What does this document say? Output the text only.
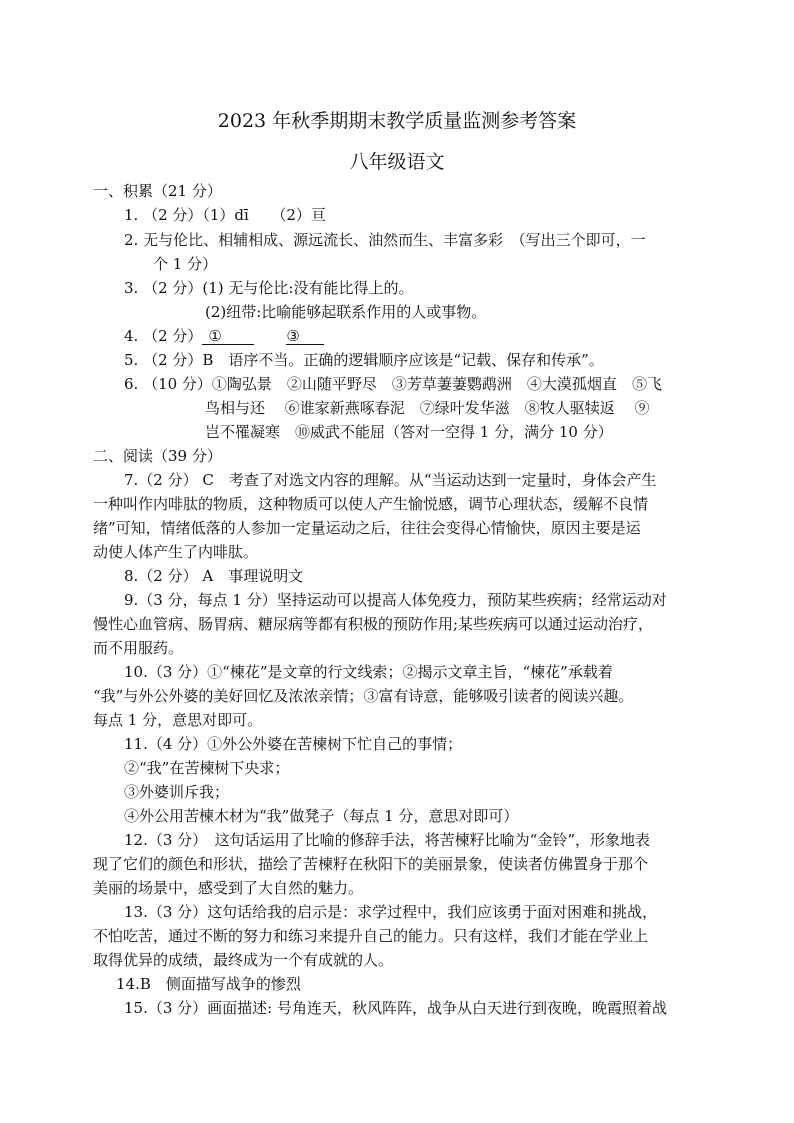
2023 年秋季期期末教学质量监测参考答案
八年级语文
一、积累（21 分）
1. （2 分）（1）dī　　（2）亘
2. 无与伦比、相辅相成、源远流长、油然而生、丰富多彩　（写出三个即可，一
个 1 分）
3. （2 分）(1) 无与伦比:没有能比得上的。
(2)纽带:比喻能够起联系作用的人或事物。
4. （2 分） ①	③
5. （2 分）B　语序不当。正确的逻辑顺序应该是“记载、保存和传承”。
6. （10 分）①陶弘景　②山随平野尽　③芳草萋萋鹦鹉洲　④大漠孤烟直　⑤飞
鸟相与还　 ⑥谁家新燕啄春泥　⑦绿叶发华滋　⑧牧人驱犊返　 ⑨
岂不罹凝寒　⑩威武不能屈（答对一空得 1 分，满分 10 分）
二、阅读（39 分）
7.（2 分） C　考查了对选文内容的理解。从“当运动达到一定量时，身体会产生
一种叫作内啡肽的物质，这种物质可以使人产生愉悦感，调节心理状态，缓解不良情
绪”可知，情绪低落的人参加一定量运动之后，往往会变得心情愉快，原因主要是运
动使人体产生了内啡肽。
8.（2 分） A　事理说明文
9.（3 分，每点 1 分）坚持运动可以提高人体免疫力，预防某些疾病；经常运动对
慢性心血管病、肠胃病、糖尿病等都有积极的预防作用;某些疾病可以通过运动治疗，
而不用服药。
10.（3 分）①“楝花”是文章的行文线索；②揭示文章主旨，“楝花”承载着
“我”与外公外婆的美好回忆及浓浓亲情；③富有诗意，能够吸引读者的阅读兴趣。
每点 1 分，意思对即可。
11.（4 分）①外公外婆在苦楝树下忙自己的事情；
②“我”在苦楝树下央求；
③外婆训斥我；
④外公用苦楝木材为“我”做凳子（每点 1 分，意思对即可）
12.（3 分）　这句话运用了比喻的修辞手法，将苦楝籽比喻为“金铃”，形象地表
现了它们的颜色和形状，描绘了苦楝籽在秋阳下的美丽景象，使读者仿佛置身于那个
美丽的场景中，感受到了大自然的魅力。
13.（3 分）这句话给我的启示是：求学过程中，我们应该勇于面对困难和挑战，
不怕吃苦，通过不断的努力和练习来提升自己的能力。只有这样，我们才能在学业上
取得优异的成绩，最终成为一个有成就的人。
14.B　侧面描写战争的惨烈
15.（3 分）画面描述: 号角连天，秋风阵阵，战争从白天进行到夜晚，晚霞照着战
